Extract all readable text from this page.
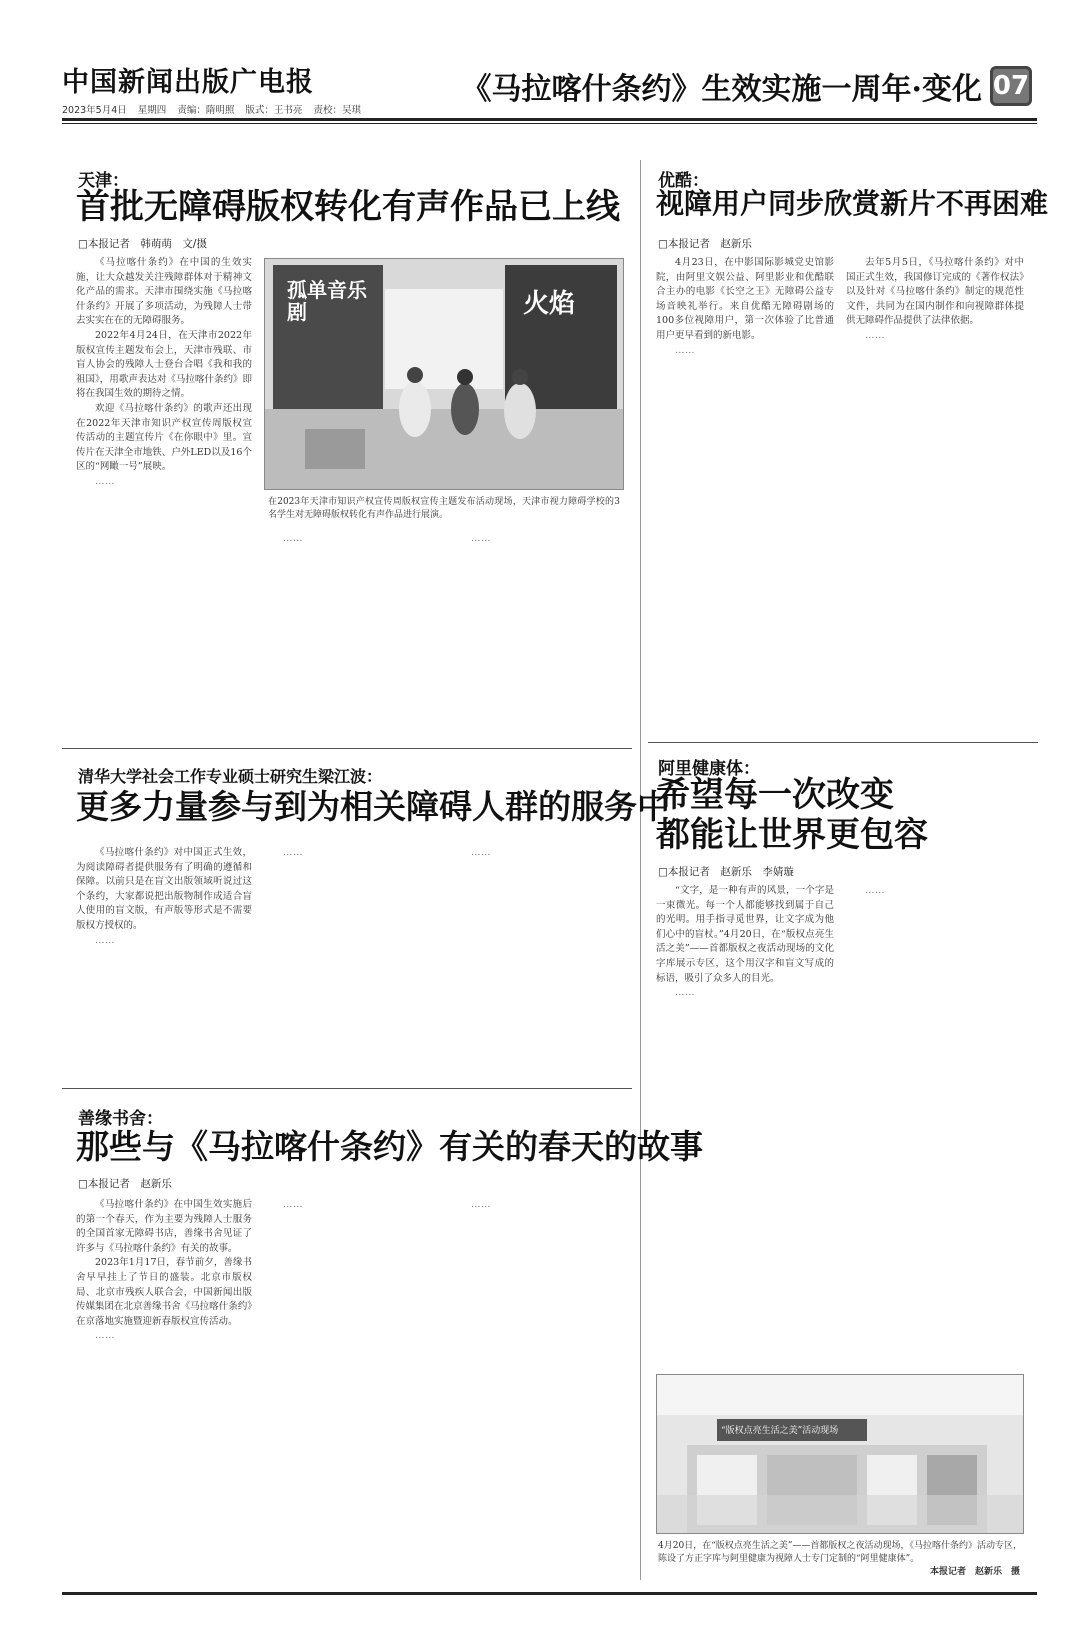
中国新闻出版广电报
2023年5月4日 星期四 责编：隋明照 版式：王书亮 责校：吴琪
《马拉喀什条约》生效实施一周年·变化 07
天津：
首批无障碍版权转化有声作品已上线
□本报记者　韩萌萌　文/摄

《马拉喀什条约》在中国的生效实施，让大众越发关注残障群体对于精神文化产品的需求。天津市围绕实施《马拉喀什条约》开展了多项活动，为残障人士带去实实在在的无障碍服务。

2022年4月24日，在天津市2022年版权宣传主题发布会上，天津市残联、市盲人协会的残障人士登台合唱《我和我的祖国》，用歌声表达对《马拉喀什条约》即将在我国生效的期待之情。

欢迎《马拉喀什条约》的歌声还出现在2022年天津市知识产权宣传周版权宣传活动的主题宣传片《在你眼中》里。宣传片在天津全市地铁、户外LED以及16个区的“网瞰一号”展映。

……

孤单音乐剧	火焰
在2023年天津市知识产权宣传周版权宣传主题发布活动现场，天津市视力障碍学校的3名学生对无障碍版权转化有声作品进行展演。

……	……

清华大学社会工作专业硕士研究生梁江波：
更多力量参与到为相关障碍人群的服务中

《马拉喀什条约》对中国正式生效，为阅读障碍者提供服务有了明确的遵循和保障。以前只是在盲文出版领域听说过这个条约，大家都说把出版物制作成适合盲人使用的盲文版，有声版等形式是不需要版权方授权的。

……

……	……

善缘书舍：
那些与《马拉喀什条约》有关的春天的故事
□本报记者　赵新乐

《马拉喀什条约》在中国生效实施后的第一个春天，作为主要为残障人士服务的全国首家无障碍书店，善缘书舍见证了许多与《马拉喀什条约》有关的故事。

2023年1月17日，春节前夕，善缘书舍早早挂上了节日的盛装。北京市版权局、北京市残疾人联合会，中国新闻出版传媒集团在北京善缘书舍《马拉喀什条约》在京落地实施暨迎新春版权宣传活动。

……

……	……

优酷：
视障用户同步欣赏新片不再困难
□本报记者　赵新乐

4月23日，在中影国际影城党史馆影院，由阿里文娱公益、阿里影业和优酷联合主办的电影《长空之王》无障碍公益专场音映礼举行。来自优酷无障碍剧场的100多位视障用户，第一次体验了比普通用户更早看到的新电影。

……

去年5月5日，《马拉喀什条约》对中国正式生效，我国修订完成的《著作权法》以及针对《马拉喀什条约》制定的规范性文件，共同为在国内制作和向视障群体提供无障碍作品提供了法律依据。

……

阿里健康体：
希望每一次改变
都能让世界更包容
□本报记者　赵新乐　李婧璇

“文字，是一种有声的风景，一个字是一束微光。每一个人都能够找到属于自己的光明。用手指寻觅世界，让文字成为他们心中的盲杖。”4月20日，在“版权点亮生活之美”——首都版权之夜活动现场的文化字库展示专区，这个用汉字和盲文写成的标语，吸引了众多人的目光。

……

……

“版权点亮生活之美”活动现场
4月20日，在“版权点亮生活之美”——首都版权之夜活动现场，《马拉喀什条约》活动专区，陈设了方正字库与阿里健康为视障人士专门定制的“阿里健康体”。
本报记者　赵新乐　摄
